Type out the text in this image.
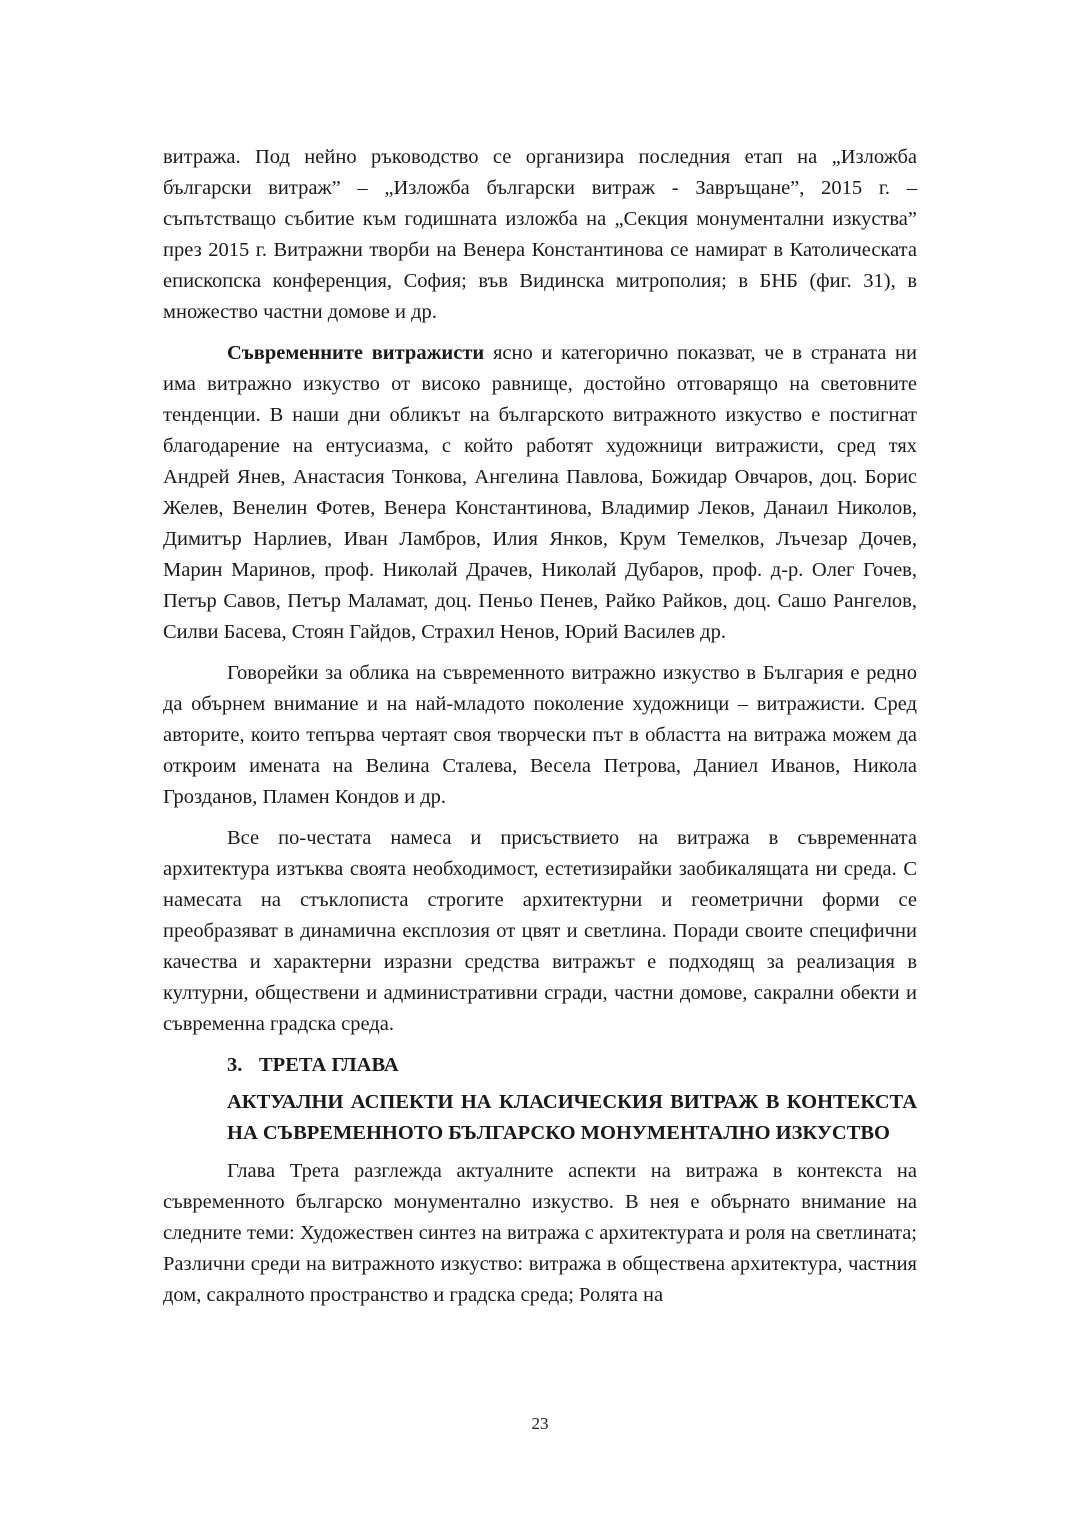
витража. Под нейно ръководство се организира последния етап на „Изложба български витраж” – „Изложба български витраж - Завръщане”, 2015 г. – съпътстващо събитие към годишната изложба на „Секция монументални изкуства” през 2015 г. Витражни творби на Венера Константинова се намират в Католическата епископска конференция, София; във Видинска митрополия; в БНБ (фиг. 31), в множество частни домове и др.

Съвременните витражисти ясно и категорично показват, че в страната ни има витражно изкуство от високо равнище, достойно отговарящо на световните тенденции. В наши дни обликът на българското витражното изкуство е постигнат благодарение на ентусиазма, с който работят художници витражисти, сред тях Андрей Янев, Анастасия Тонкова, Ангелина Павлова, Божидар Овчаров, доц. Борис Желев, Венелин Фотев, Венера Константинова, Владимир Леков, Данаил Николов, Димитър Нарлиев, Иван Ламбров, Илия Янков, Крум Темелков, Лъчезар Дочев, Марин Маринов, проф. Николай Драчев, Николай Дубаров, проф. д-р. Олег Гочев, Петър Савов, Петър Маламат, доц. Пеньо Пенев, Райко Райков, доц. Сашо Рангелов, Силви Басева, Стоян Гайдов, Страхил Ненов, Юрий Василев др.

Говорейки за облика на съвременното витражно изкуство в България е редно да обърнем внимание и на най-младото поколение художници – витражисти. Сред авторите, които тепърва чертаят своя творчески път в областта на витража можем да откроим имената на Велина Сталева, Весела Петрова, Даниел Иванов, Никола Грозданов, Пламен Кондов и др.

Все по-честата намеса и присъствието на витража в съвременната архитектура изтъква своята необходимост, естетизирайки заобикалящата ни среда. С намесата на стъклописта строгите архитектурни и геометрични форми се преобразяват в динамична експлозия от цвят и светлина. Поради своите специфични качества и характерни изразни средства витражът е подходящ за реализация в културни, обществени и административни сгради, частни домове, сакрални обекти и съвременна градска среда.

3. ТРЕТА ГЛАВА
АКТУАЛНИ АСПЕКТИ НА КЛАСИЧЕСКИЯ ВИТРАЖ В КОНТЕКСТА НА СЪВРЕМЕННОТО БЪЛГАРСКО МОНУМЕНТАЛНО ИЗКУСТВО

Глава Трета разглежда актуалните аспекти на витража в контекста на съвременното българско монументално изкуство. В нея е обърнато внимание на следните теми: Художествен синтез на витража с архитектурата и роля на светлината; Различни среди на витражното изкуство: витража в обществена архитектура, частния дом, сакралното пространство и градска среда; Ролята на

23
